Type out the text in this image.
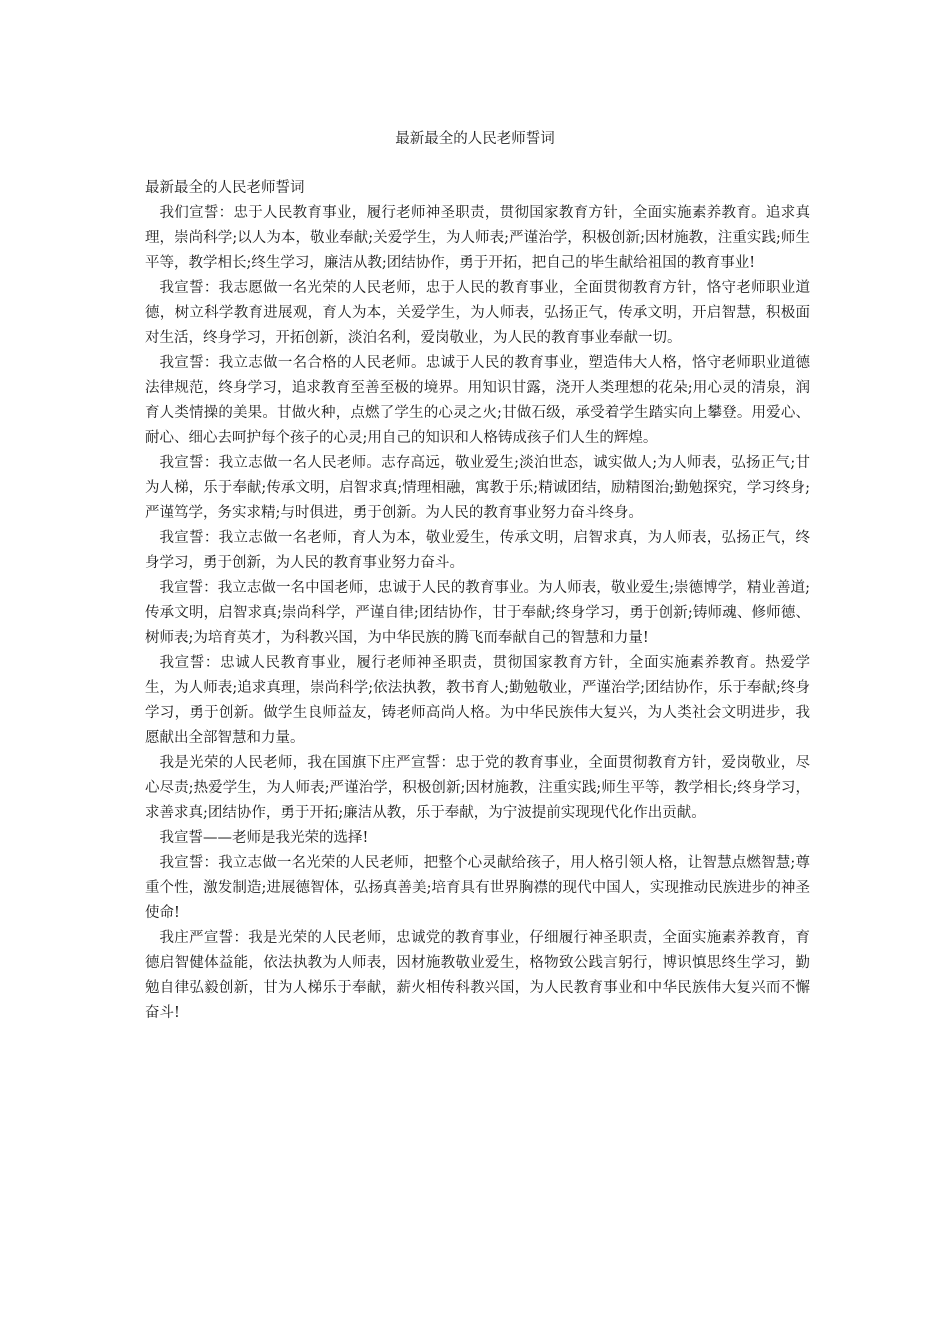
最新最全的人民老师誓词

最新最全的人民老师誓词

我们宣誓：忠于人民教育事业，履行老师神圣职责，贯彻国家教育方针，全面实施素养教育。追求真理，崇尚科学;以人为本，敬业奉献;关爱学生，为人师表;严谨治学，积极创新;因材施教，注重实践;师生平等，教学相长;终生学习，廉洁从教;团结协作，勇于开拓，把自己的毕生献给祖国的教育事业!

我宣誓：我志愿做一名光荣的人民老师，忠于人民的教育事业，全面贯彻教育方针，恪守老师职业道德，树立科学教育进展观，育人为本，关爱学生，为人师表，弘扬正气，传承文明，开启智慧，积极面对生活，终身学习，开拓创新，淡泊名利，爱岗敬业，为人民的教育事业奉献一切。

我宣誓：我立志做一名合格的人民老师。忠诚于人民的教育事业，塑造伟大人格，恪守老师职业道德法律规范，终身学习，追求教育至善至极的境界。用知识甘露，浇开人类理想的花朵;用心灵的清泉，润育人类情操的美果。甘做火种，点燃了学生的心灵之火;甘做石级，承受着学生踏实向上攀登。用爱心、耐心、细心去呵护每个孩子的心灵;用自己的知识和人格铸成孩子们人生的辉煌。

我宣誓：我立志做一名人民老师。志存高远，敬业爱生;淡泊世态，诚实做人;为人师表，弘扬正气;甘为人梯，乐于奉献;传承文明，启智求真;情理相融，寓教于乐;精诚团结，励精图治;勤勉探究，学习终身;严谨笃学，务实求精;与时俱进，勇于创新。为人民的教育事业努力奋斗终身。

我宣誓：我立志做一名老师，育人为本，敬业爱生，传承文明，启智求真，为人师表，弘扬正气，终身学习，勇于创新，为人民的教育事业努力奋斗。

我宣誓：我立志做一名中国老师，忠诚于人民的教育事业。为人师表，敬业爱生;崇德博学，精业善道;传承文明，启智求真;崇尚科学，严谨自律;团结协作，甘于奉献;终身学习，勇于创新;铸师魂、修师德、树师表;为培育英才，为科教兴国，为中华民族的腾飞而奉献自己的智慧和力量!

我宣誓：忠诚人民教育事业，履行老师神圣职责，贯彻国家教育方针，全面实施素养教育。热爱学生，为人师表;追求真理，崇尚科学;依法执教，教书育人;勤勉敬业，严谨治学;团结协作，乐于奉献;终身学习，勇于创新。做学生良师益友，铸老师高尚人格。为中华民族伟大复兴，为人类社会文明进步，我愿献出全部智慧和力量。

我是光荣的人民老师，我在国旗下庄严宣誓：忠于党的教育事业，全面贯彻教育方针，爱岗敬业，尽心尽责;热爱学生，为人师表;严谨治学，积极创新;因材施教，注重实践;师生平等，教学相长;终身学习，求善求真;团结协作，勇于开拓;廉洁从教，乐于奉献，为宁波提前实现现代化作出贡献。

我宣誓——老师是我光荣的选择!

我宣誓：我立志做一名光荣的人民老师，把整个心灵献给孩子，用人格引领人格，让智慧点燃智慧;尊重个性，激发制造;进展德智体，弘扬真善美;培育具有世界胸襟的现代中国人，实现推动民族进步的神圣使命!

我庄严宣誓：我是光荣的人民老师，忠诚党的教育事业，仔细履行神圣职责，全面实施素养教育，育德启智健体益能，依法执教为人师表，因材施教敬业爱生，格物致公践言躬行，博识慎思终生学习，勤勉自律弘毅创新，甘为人梯乐于奉献，薪火相传科教兴国，为人民教育事业和中华民族伟大复兴而不懈奋斗!
